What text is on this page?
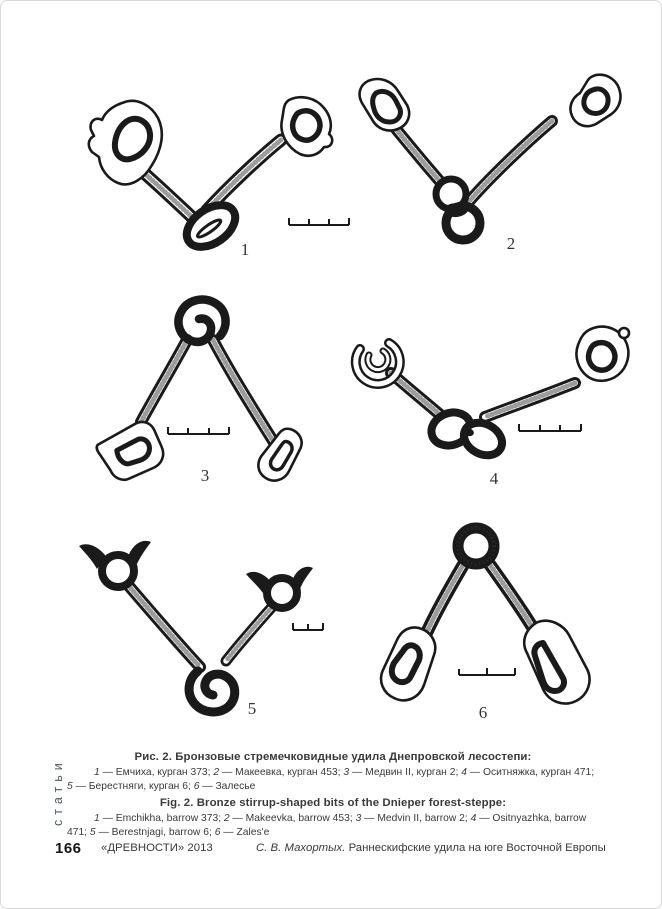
1	2
3	4
5	6
Рис. 2. Бронзовые стремечковидные удила Днепровской лесостепи:
1 — Емчиха, курган 373; 2 — Макеевка, курган 453; 3 — Медвин II, курган 2; 4 — Оситняжка, курган 471; 5 — Берестняги, курган 6; 6 — Залесье
Fig. 2. Bronze stirrup-shaped bits of the Dnieper forest-steppe:
1 — Emchikha, barrow 373; 2 — Makeevka, barrow 453; 3 — Medvin II, barrow 2; 4 — Ositnyazhka, barrow 471; 5 — Berestnjagi, barrow 6; 6 — Zales'e
статьи
166 «ДРЕВНОСТИ» 2013	С. В. Махортых. Раннескифские удила на юге Восточной Европы
